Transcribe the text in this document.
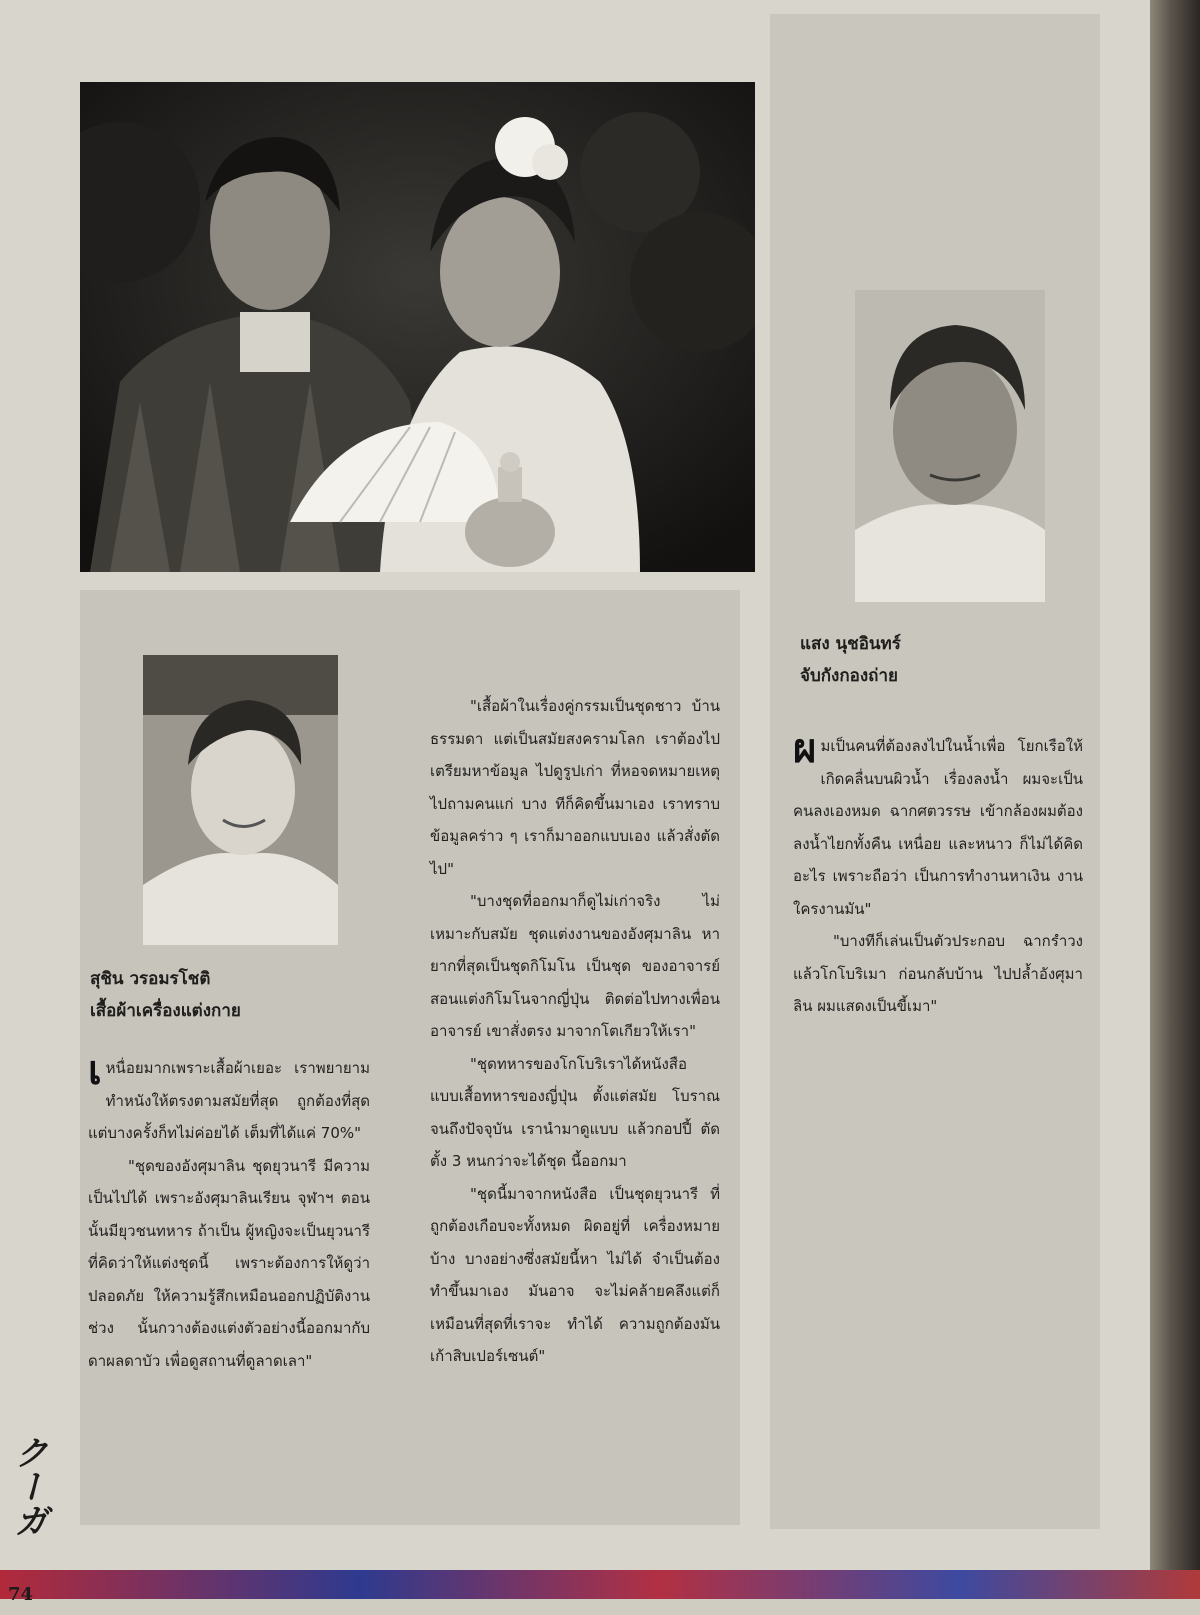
สุชิน วรอมรโชติ
เสื้อผ้าเครื่องแต่งกาย
แสง นุชอินทร์
จับกังกองถ่าย

เหนื่อยมากเพราะเสื้อผ้าเยอะ เราพยายามทำหนังให้ตรงตามสมัยที่สุด ถูกต้องที่สุด แต่บางครั้งก็ทไม่ค่อยได้ เต็มที่ได้แค่ 70%"

"ชุดของอังศุมาลิน ชุดยุวนารี มีความเป็นไปได้ เพราะอังศุมาลินเรียน จุฬาฯ ตอนนั้นมียุวชนทหาร ถ้าเป็น ผู้หญิงจะเป็นยุวนารี ที่คิดว่าให้แต่งชุดนี้ เพราะต้องการให้ดูว่าปลอดภัย ให้ความรู้สึกเหมือนออกปฏิบัติงาน ช่วง นั้นกวางต้องแต่งตัวอย่างนี้ออกมากับ ดาผลดาบัว เพื่อดูสถานที่ดูลาดเลา"

"เสื้อผ้าในเรื่องคู่กรรมเป็นชุดชาว บ้านธรรมดา แต่เป็นสมัยสงครามโลก เราต้องไปเตรียมหาข้อมูล ไปดูรูปเก่า ที่หอจดหมายเหตุ ไปถามคนแก่ บาง ทีก็คิดขึ้นมาเอง เราทราบข้อมูลคร่าว ๆ เราก็มาออกแบบเอง แล้วสั่งตัดไป"

"บางชุดที่ออกมาก็ดูไม่เก่าจริง ไม่ เหมาะกับสมัย ชุดแต่งงานของอังศุมาลิน หายากที่สุดเป็นชุดกิโมโน เป็นชุด ของอาจารย์สอนแต่งกิโมโนจากญี่ปุ่น ติดต่อไปทางเพื่อนอาจารย์ เขาสั่งตรง มาจากโตเกียวให้เรา"

"ชุดทหารของโกโบริเราได้หนังสือ แบบเสื้อทหารของญี่ปุ่น ตั้งแต่สมัย โบราณจนถึงปัจจุบัน เรานำมาดูแบบ แล้วกอปปี้ ตัดตั้ง 3 หนกว่าจะได้ชุด นี้ออกมา

"ชุดนี้มาจากหนังสือ เป็นชุดยุวนารี ที่ถูกต้องเกือบจะทั้งหมด ผิดอยู่ที่ เครื่องหมายบ้าง บางอย่างซึ่งสมัยนี้หา ไม่ได้ จำเป็นต้องทำขึ้นมาเอง มันอาจ จะไม่คล้ายคลึงแต่ก็เหมือนที่สุดที่เราจะ ทำได้ ความถูกต้องมันเก้าสิบเปอร์เซนต์"

ผมเป็นคนที่ต้องลงไปในน้ำเพื่อ โยกเรือให้เกิดคลื่นบนผิวน้ำ เรื่องลงน้ำ ผมจะเป็นคนลงเองหมด ฉากศตวรรษ เข้ากล้องผมต้องลงน้ำไยกทั้งคืน เหนื่อย และหนาว ก็ไม่ได้คิดอะไร เพราะถือว่า เป็นการทำงานหาเงิน งานใครงานมัน"

"บางทีก็เล่นเป็นตัวประกอบ ฉากรำวงแล้วโกโบริเมา ก่อนกลับบ้าน ไปปล้ำอังศุมาลิน ผมแสดงเป็นขี้เมา"

クーガ
74
